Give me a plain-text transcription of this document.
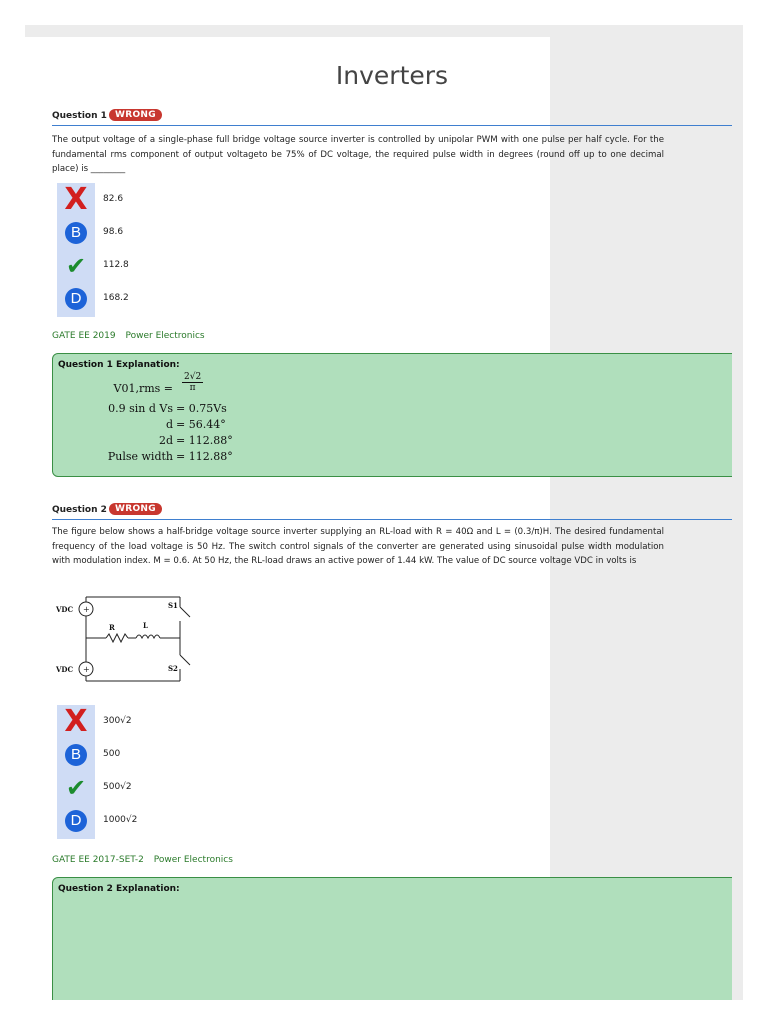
Inverters
Question 1 WRONG
The output voltage of a single-phase full bridge voltage source inverter is controlled by unipolar PWM with one pulse per half cycle. For the fundamental rms component of output voltageto be 75% of DC voltage, the required pulse width in degrees (round off up to one decimal place) is ________
X 82.6
B	98.6
✔ 112.8
D	168.2
GATE EE 2019 Power Electronics
Question 1 Explanation:
$V01,rms = \frac{2√2}{\pi}$
0.9 sin d Vs = 0.75Vs
d = 56.44°
2d = 112.88°
Pulse width = 112.88°
Question 2 WRONG
The figure below shows a half-bridge voltage source inverter supplying an RL-load with R = 40Ω and L = (0.3/π)H. The desired fundamental frequency of the load voltage is 50 Hz. The switch control signals of the converter are generated using sinusoidal pulse width modulation with modulation index. M = 0.6. At 50 Hz, the RL-load draws an active power of 1.44 kW. The value of DC source voltage VDC in volts is
+
+
VDC
VDC
R	L
S1
S2
X 300√2
B	500
✔ 500√2
D	1000√2
GATE EE 2017-SET-2 Power Electronics
Question 2 Explanation:
